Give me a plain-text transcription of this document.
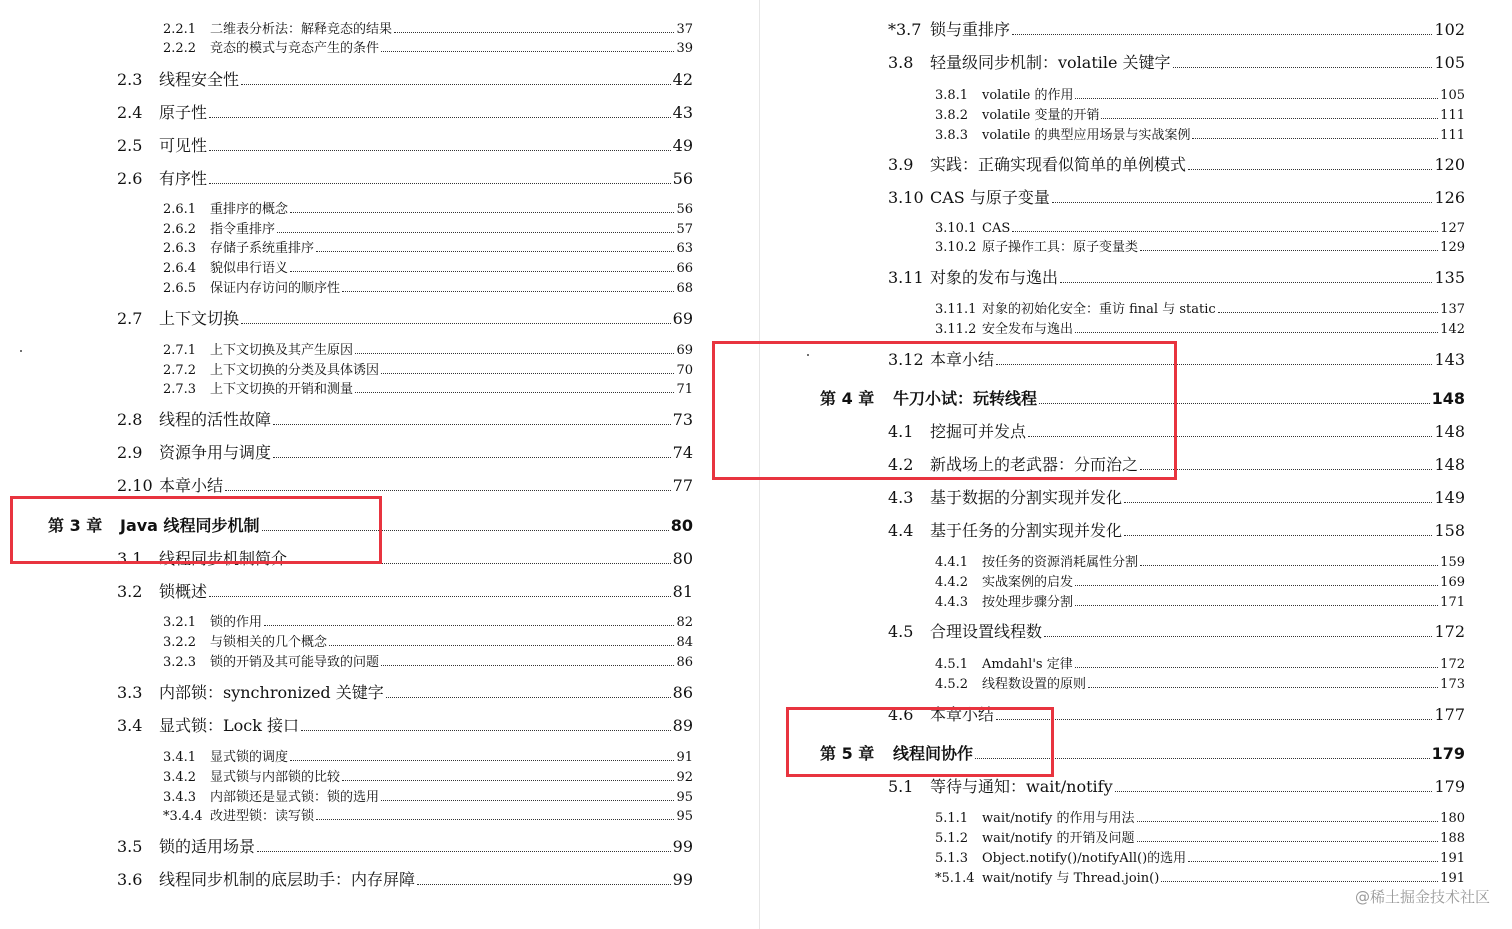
2.2.1	二维表分析法：解释竞态的结果	37
2.2.2	竞态的模式与竞态产生的条件	39
2.3	线程安全性	42
2.4	原子性	43
2.5	可见性	49
2.6	有序性	56
2.6.1	重排序的概念	56
2.6.2	指令重排序	57
2.6.3	存储子系统重排序	63
2.6.4	貌似串行语义	66
2.6.5	保证内存访问的顺序性	68
2.7	上下文切换	69
2.7.1	上下文切换及其产生原因	69
2.7.2	上下文切换的分类及具体诱因	70
2.7.3	上下文切换的开销和测量	71
2.8	线程的活性故障	73
2.9	资源争用与调度	74
2.10 本章小结	77
第 3 章	Java 线程同步机制	80
3.1	线程同步机制简介	80
3.2	锁概述	81
3.2.1	锁的作用	82
3.2.2	与锁相关的几个概念	84
3.2.3	锁的开销及其可能导致的问题	86
3.3	内部锁：synchronized 关键字	86
3.4	显式锁：Lock 接口	89
3.4.1	显式锁的调度	91
3.4.2	显式锁与内部锁的比较	92
3.4.3	内部锁还是显式锁：锁的选用	95
*3.4.4 改进型锁：读写锁	95
3.5	锁的适用场景	99
3.6	线程同步机制的底层助手：内存屏障	99
*3.7 锁与重排序	102
3.8	轻量级同步机制：volatile 关键字	105
3.8.1	volatile 的作用	105
3.8.2	volatile 变量的开销	111
3.8.3	volatile 的典型应用场景与实战案例	111
3.9	实践：正确实现看似简单的单例模式	120
3.10 CAS 与原子变量	126
3.10.1 CAS	127
3.10.2 原子操作工具：原子变量类	129
3.11 对象的发布与逸出	135
3.11.1 对象的初始化安全：重访 final 与 static	137
3.11.2 安全发布与逸出	142
3.12 本章小结	143
第 4 章	牛刀小试：玩转线程	148
4.1	挖掘可并发点	148
4.2	新战场上的老武器：分而治之	148
4.3	基于数据的分割实现并发化	149
4.4	基于任务的分割实现并发化	158
4.4.1	按任务的资源消耗属性分割	159
4.4.2	实战案例的启发	169
4.4.3	按处理步骤分割	171
4.5	合理设置线程数	172
4.5.1	Amdahl's 定律	172
4.5.2	线程数设置的原则	173
4.6	本章小结	177
第 5 章	线程间协作	179
5.1	等待与通知：wait/notify	179
5.1.1	wait/notify 的作用与用法	180
5.1.2	wait/notify 的开销及问题	188
5.1.3	Object.notify()/notifyAll()的选用	191
*5.1.4 wait/notify 与 Thread.join()	191
@稀土掘金技术社区
